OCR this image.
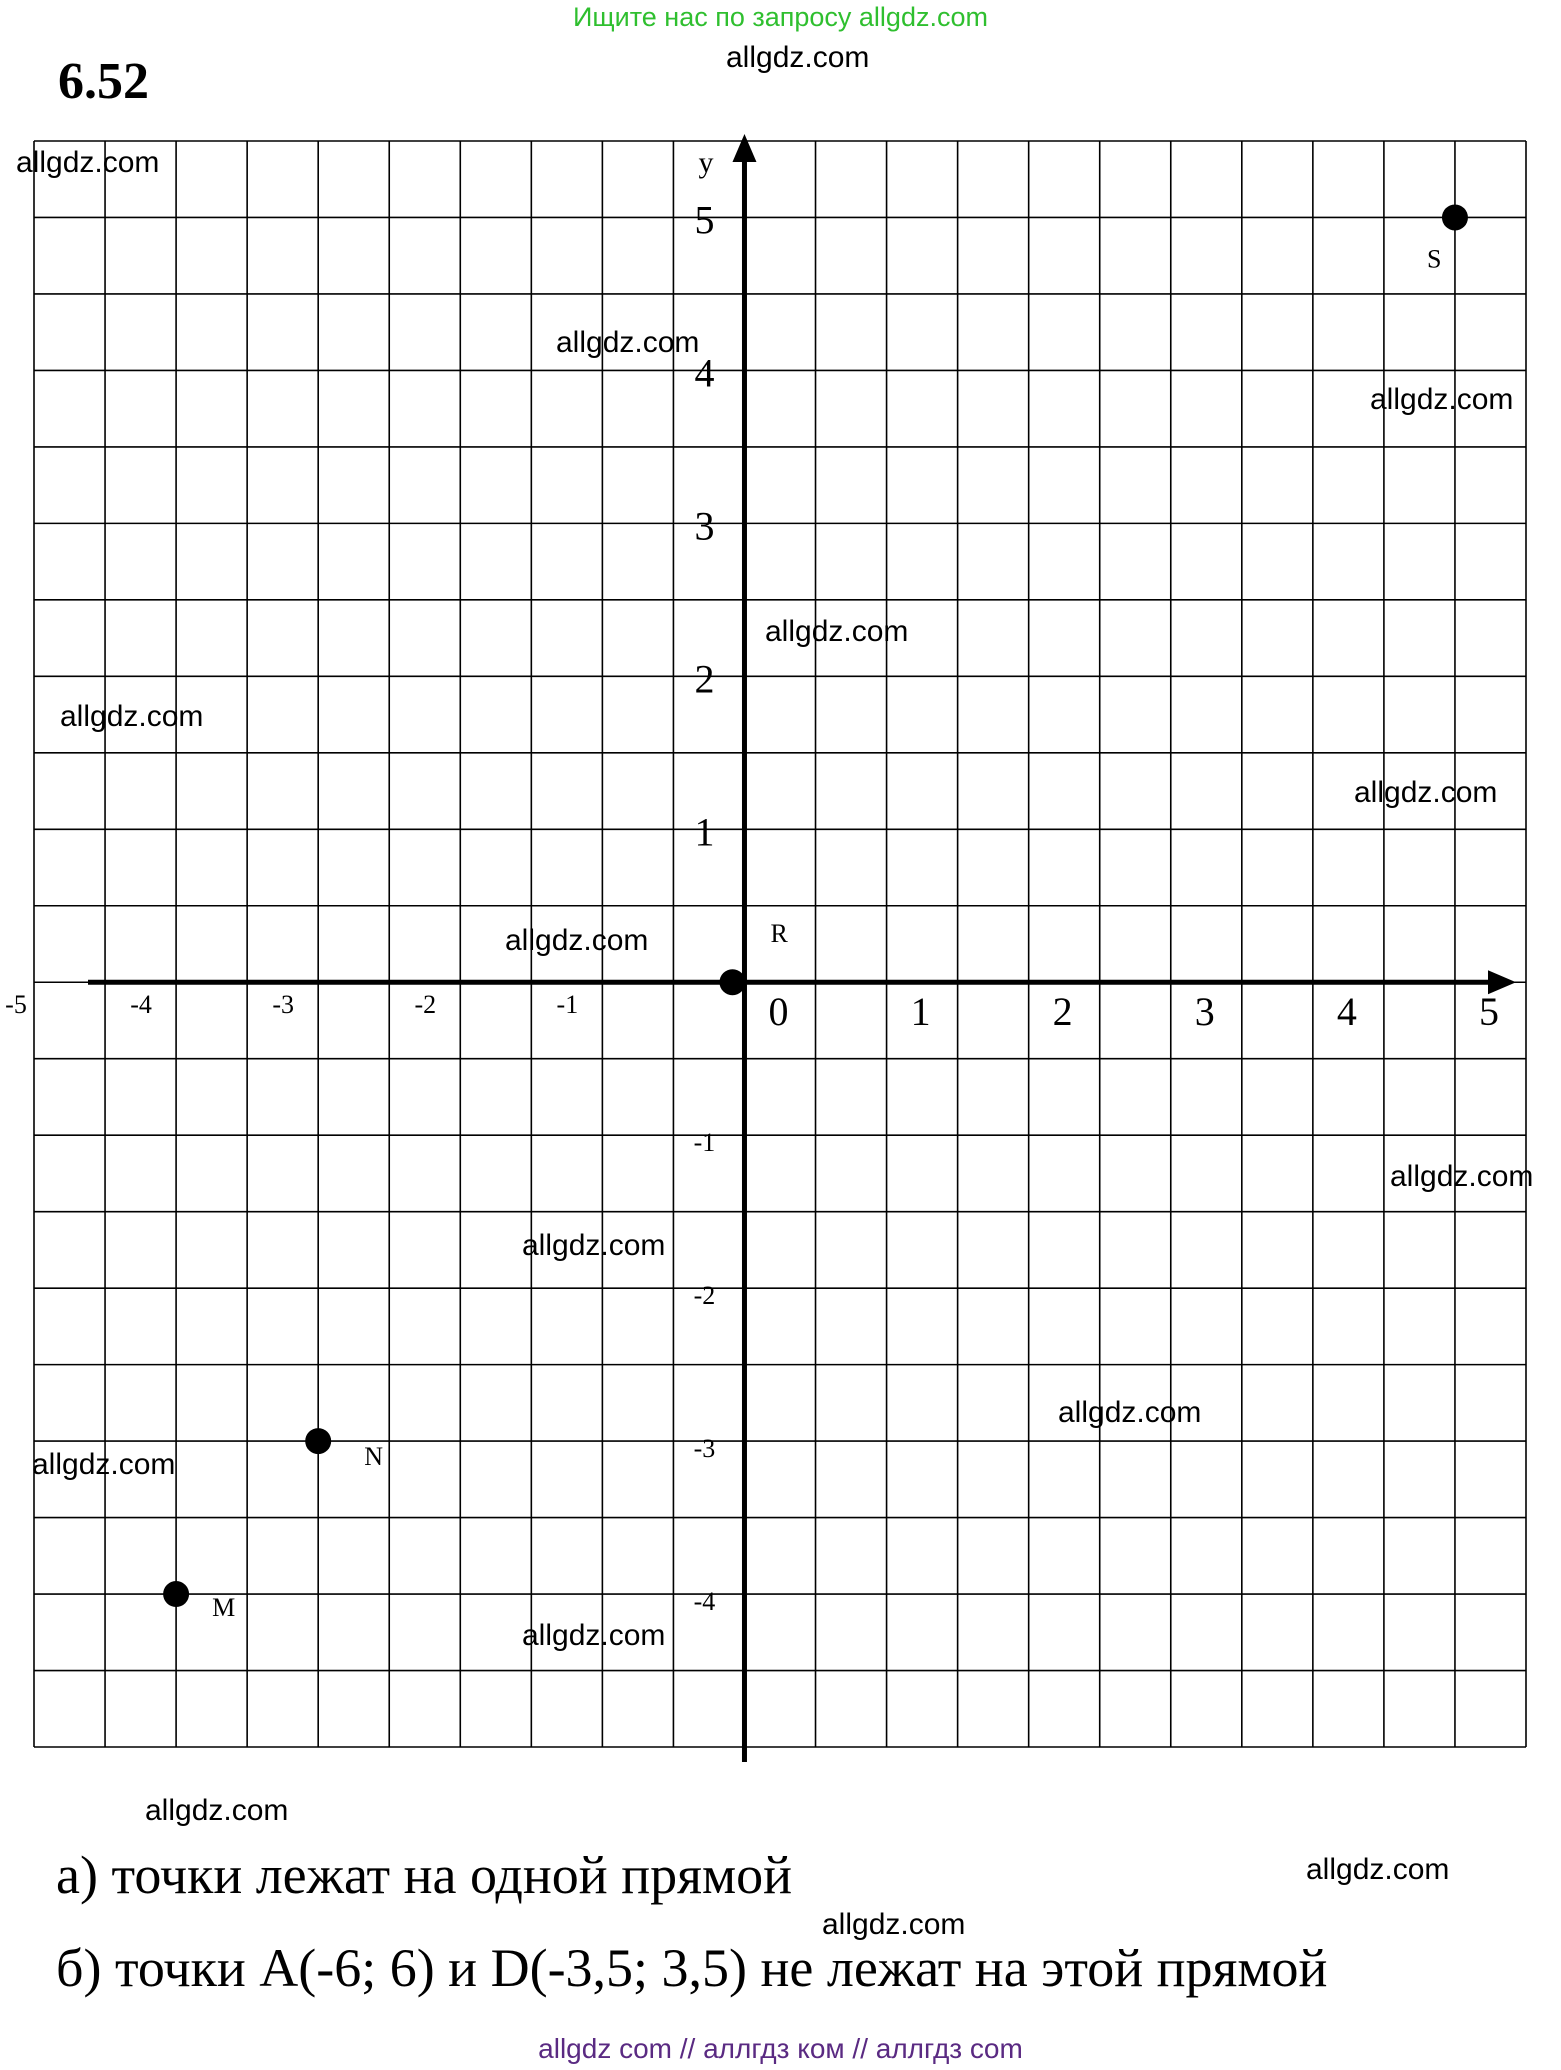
Ищите нас по запросу allgdz.com
6.52
y
-5	-4	-3	-2	-1	0	1	2	3	4	5
5
4
3
2
1
-1
-2
-3
-4
S
R
N
M
allgdz.com
allgdz.com
allgdz.com
allgdz.com
allgdz.com
allgdz.com
allgdz.com
allgdz.com
allgdz.com
allgdz.com
allgdz.com
allgdz.com
allgdz.com
allgdz.com
allgdz.com
allgdz.com
а) точки лежат на одной прямой
б) точки A(-6; 6) и D(-3,5; 3,5) не лежат на этой прямой
allgdz com // аллгдз ком // аллгдз com
